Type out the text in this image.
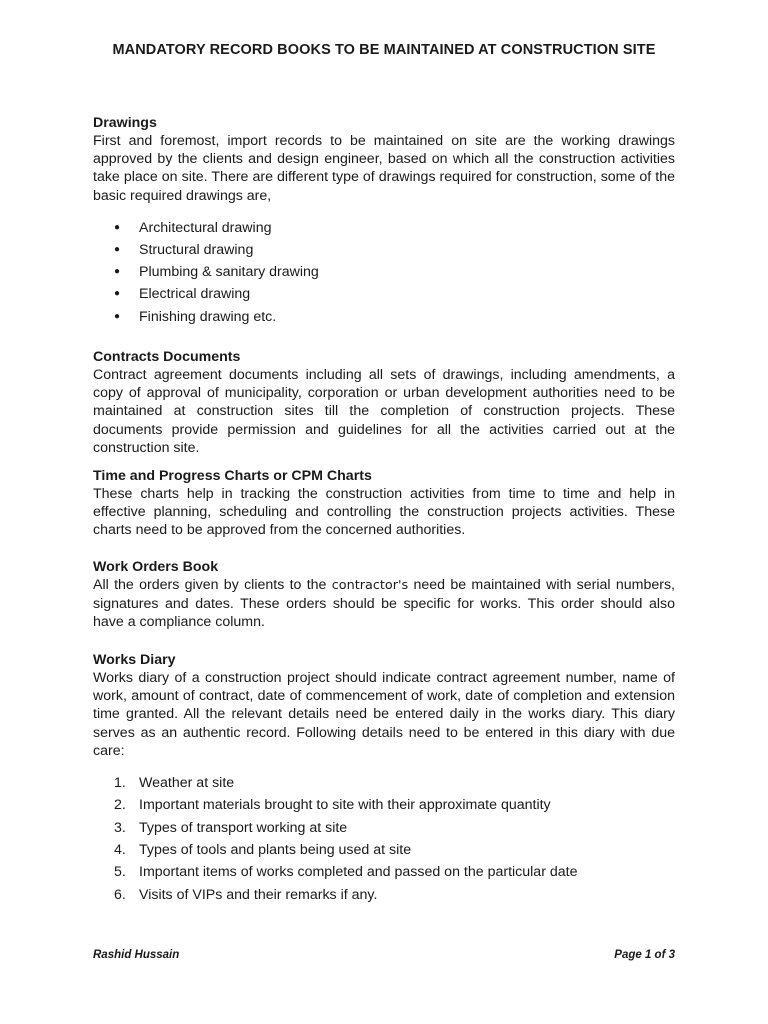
MANDATORY RECORD BOOKS TO BE MAINTAINED AT CONSTRUCTION SITE

Drawings

First and foremost, import records to be maintained on site are the working drawings approved by the clients and design engineer, based on which all the construction activities take place on site. There are different type of drawings required for construction, some of the basic required drawings are,

● Architectural drawing
● Structural drawing
● Plumbing & sanitary drawing
● Electrical drawing
● Finishing drawing etc.

Contracts Documents

Contract agreement documents including all sets of drawings, including amendments, a copy of approval of municipality, corporation or urban development authorities need to be maintained at construction sites till the completion of construction projects. These documents provide permission and guidelines for all the activities carried out at the construction site.

Time and Progress Charts or CPM Charts

These charts help in tracking the construction activities from time to time and help in effective planning, scheduling and controlling the construction projects activities. These charts need to be approved from the concerned authorities.

Work Orders Book

All the orders given by clients to the contractor's need be maintained with serial numbers, signatures and dates. These orders should be specific for works. This order should also have a compliance column.

Works Diary

Works diary of a construction project should indicate contract agreement number, name of work, amount of contract, date of commencement of work, date of completion and extension time granted. All the relevant details need be entered daily in the works diary. This diary serves as an authentic record. Following details need to be entered in this diary with due care:

1. Weather at site
2. Important materials brought to site with their approximate quantity
3. Types of transport working at site
4. Types of tools and plants being used at site
5. Important items of works completed and passed on the particular date
6. Visits of VIPs and their remarks if any.
Rashid Hussain	Page 1 of 3
